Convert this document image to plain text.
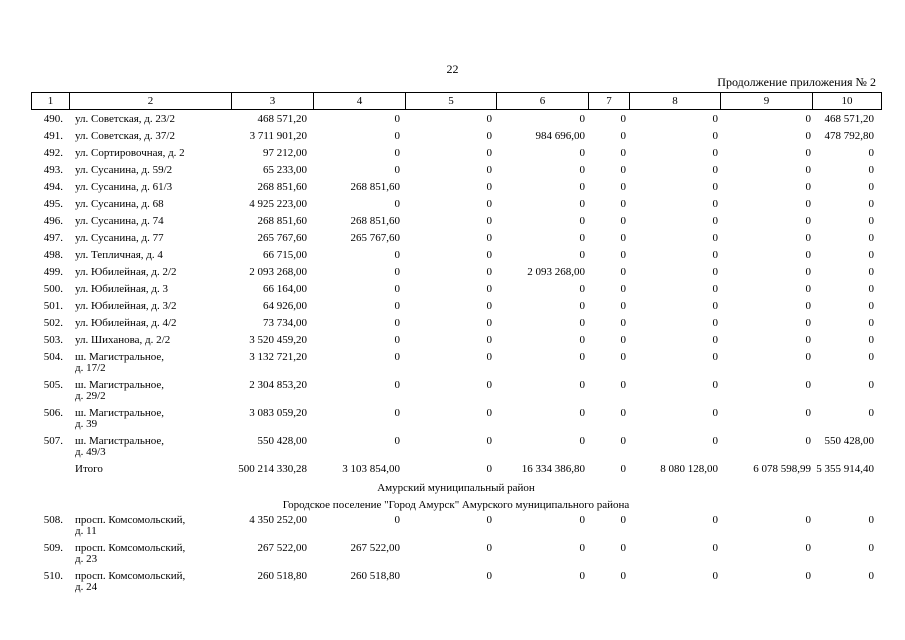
22
Продолжение приложения № 2
1	2	3	4	5	6	7	8	9	10
490. ул. Советская, д. 23/2	468 571,20	0	0	0	0	0	0	468 571,20
491. ул. Советская, д. 37/2	3 711 901,20	0	0	984 696,00	0	0	0	478 792,80
492. ул. Сортировочная, д. 2	97 212,00	0	0	0	0	0	0	0
493. ул. Сусанина, д. 59/2	65 233,00	0	0	0	0	0	0	0
494. ул. Сусанина, д. 61/3	268 851,60	268 851,60	0	0	0	0	0	0
495. ул. Сусанина, д. 68	4 925 223,00	0	0	0	0	0	0	0
496. ул. Сусанина, д. 74	268 851,60	268 851,60	0	0	0	0	0	0
497. ул. Сусанина, д. 77	265 767,60	265 767,60	0	0	0	0	0	0
498. ул. Тепличная, д. 4	66 715,00	0	0	0	0	0	0	0
499. ул. Юбилейная, д. 2/2	2 093 268,00	0	0	2 093 268,00	0	0	0	0
500. ул. Юбилейная, д. 3	66 164,00	0	0	0	0	0	0	0
501. ул. Юбилейная, д. 3/2	64 926,00	0	0	0	0	0	0	0
502. ул. Юбилейная, д. 4/2	73 734,00	0	0	0	0	0	0	0
503. ул. Шиханова, д. 2/2	3 520 459,20	0	0	0	0	0	0	0
504. ш. Магистральное,
д. 17/2
3 132 721,20	0	0	0	0	0	0	0
505. ш. Магистральное,
д. 29/2
2 304 853,20	0	0	0	0	0	0	0
506. ш. Магистральное,
д. 39
3 083 059,20	0	0	0	0	0	0	0
507. ш. Магистральное,
д. 49/3
550 428,00	0	0	0	0	0	0	550 428,00
Итого	500 214 330,28	3 103 854,00	0	16 334 386,80	0	8 080 128,00	6 078 598,99 5 355 914,40
Амурский муниципальный район
Городское поселение "Город Амурск" Амурского муниципального района
508. просп. Комсомольский,
д. 11
4 350 252,00	0	0	0	0	0	0	0
509. просп. Комсомольский,
д. 23
267 522,00	267 522,00	0	0	0	0	0	0
510. просп. Комсомольский,
д. 24
260 518,80	260 518,80	0	0	0	0	0	0
